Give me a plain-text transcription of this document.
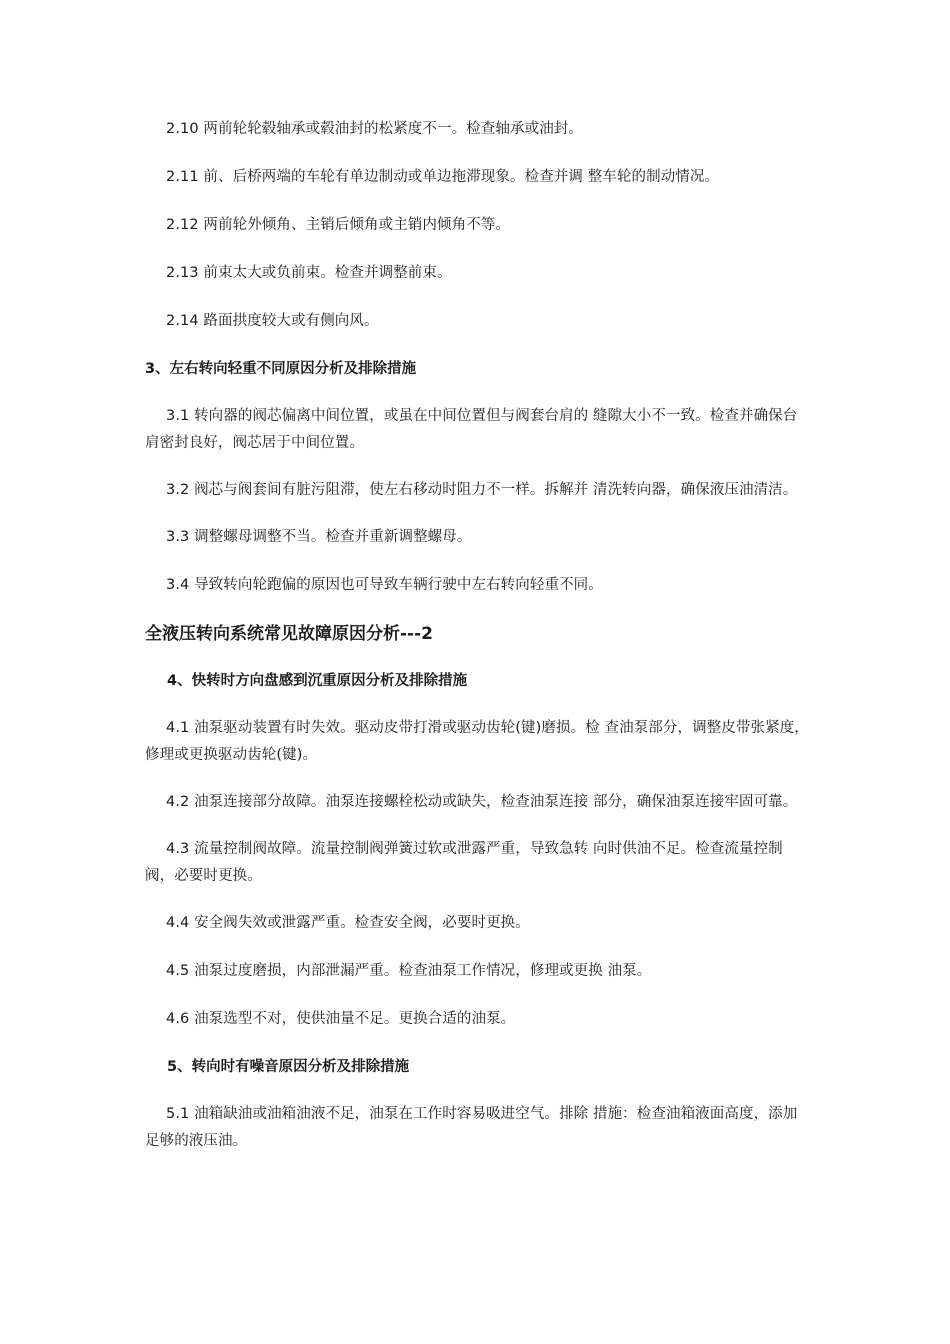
2.10 两前轮轮毂轴承或毂油封的松紧度不一。检查轴承或油封。

2.11 前、后桥两端的车轮有单边制动或单边拖滞现象。检查并调 整车轮的制动情况。

2.12 两前轮外倾角、主销后倾角或主销内倾角不等。

2.13 前束太大或负前束。检查并调整前束。

2.14 路面拱度较大或有侧向风。

3、左右转向轻重不同原因分析及排除措施

3.1 转向器的阀芯偏离中间位置，或虽在中间位置但与阀套台肩的 缝隙大小不一致。检查并确保台肩密封良好，阀芯居于中间位置。

3.2 阀芯与阀套间有脏污阻滞，使左右移动时阻力不一样。拆解并 清洗转向器，确保液压油清洁。

3.3 调整螺母调整不当。检查并重新调整螺母。

3.4 导致转向轮跑偏的原因也可导致车辆行驶中左右转向轻重不同。

全液压转向系统常见故障原因分析---2
4、快转时方向盘感到沉重原因分析及排除措施

4.1 油泵驱动装置有时失效。驱动皮带打滑或驱动齿轮(键)磨损。检 查油泵部分，调整皮带张紧度，修理或更换驱动齿轮(键)。

4.2 油泵连接部分故障。油泵连接螺栓松动或缺失，检查油泵连接 部分，确保油泵连接牢固可靠。

4.3 流量控制阀故障。流量控制阀弹簧过软或泄露严重，导致急转 向时供油不足。检查流量控制阀，必要时更换。

4.4 安全阀失效或泄露严重。检查安全阀，必要时更换。

4.5 油泵过度磨损，内部泄漏严重。检查油泵工作情况，修理或更换 油泵。

4.6 油泵选型不对，使供油量不足。更换合适的油泵。

5、转向时有噪音原因分析及排除措施

5.1 油箱缺油或油箱油液不足，油泵在工作时容易吸进空气。排除 措施：检查油箱液面高度，添加足够的液压油。
